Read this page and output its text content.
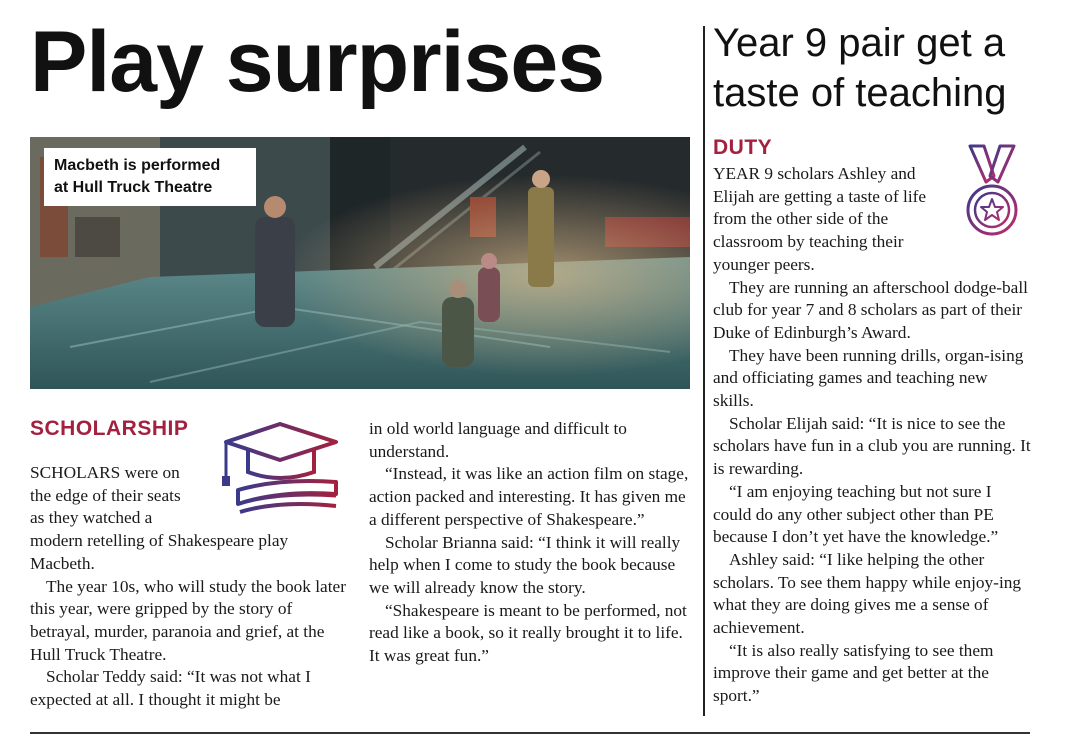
Play surprises
Macbeth is performed
at Hull Truck Theatre
SCHOLARSHIP

SCHOLARS were on the edge of their seats as they watched a modern retelling of Shakespeare play Macbeth.

The year 10s, who will study the book later this year, were gripped by the story of betrayal, murder, paranoia and grief, at the Hull Truck Theatre.

Scholar Teddy said: “It was not what I expected at all. I thought it might be

in old world language and difficult to understand.

“Instead, it was like an action film on stage, action packed and interesting. It has given me a different perspective of Shakespeare.”

Scholar Brianna said: “I think it will really help when I come to study the book because we will already know the story.

“Shakespeare is meant to be performed, not read like a book, so it really brought it to life. It was great fun.”

Year 9 pair get a taste of teaching
DUTY

YEAR 9 scholars Ashley and Elijah are getting a taste of life from the other side of the classroom by teaching their younger peers.

They are running an afterschool dodge-ball club for year 7 and 8 scholars as part of their Duke of Edinburgh’s Award.

They have been running drills, organ-ising and officiating games and teaching new skills.

Scholar Elijah said: “It is nice to see the scholars have fun in a club you are running. It is rewarding.

“I am enjoying teaching but not sure I could do any other subject other than PE because I don’t yet have the knowledge.”

Ashley said: “I like helping the other scholars. To see them happy while enjoy-ing what they are doing gives me a sense of achievement.

“It is also really satisfying to see them improve their game and get better at the sport.”
